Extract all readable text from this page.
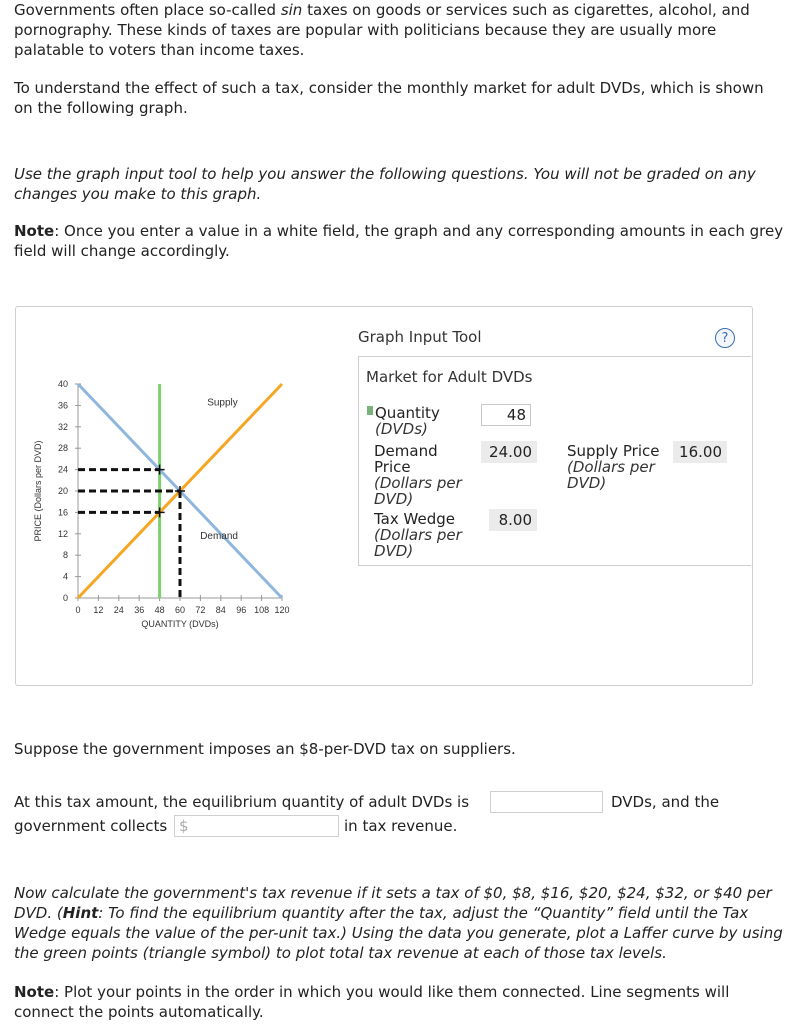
Governments often place so-called sin taxes on goods or services such as cigarettes, alcohol, and pornography. These kinds of taxes are popular with politicians because they are usually more palatable to voters than income taxes.

To understand the effect of such a tax, consider the monthly market for adult DVDs, which is shown on the following graph.

Use the graph input tool to help you answer the following questions. You will not be graded on any changes you make to this graph.

Note: Once you enter a value in a white field, the graph and any corresponding amounts in each grey field will change accordingly.

0
4
8
12
16
20
24
28
32
36
40
0 12 24 36 48 60 72 84 96 108 120
QUANTITY (DVDs)
PRICE (Dollars per DVD)
Supply
Demand
Graph Input Tool	?
Market for Adult DVDs
Quantity
(DVDs)
48
Demand
Price
(Dollars per
DVD)
24.00	Supply Price
(Dollars per
DVD)
16.00
Tax Wedge
(Dollars per
DVD)
8.00

Suppose the government imposes an $8-per-DVD tax on suppliers.

At this tax amount, the equilibrium quantity of adult DVDs is	DVDs, and the
government collects $	in tax revenue.

Now calculate the government's tax revenue if it sets a tax of $0, $8, $16, $20, $24, $32, or $40 per DVD. (Hint: To find the equilibrium quantity after the tax, adjust the “Quantity” field until the Tax Wedge equals the value of the per-unit tax.) Using the data you generate, plot a Laffer curve by using the green points (triangle symbol) to plot total tax revenue at each of those tax levels.

Note: Plot your points in the order in which you would like them connected. Line segments will connect the points automatically.
